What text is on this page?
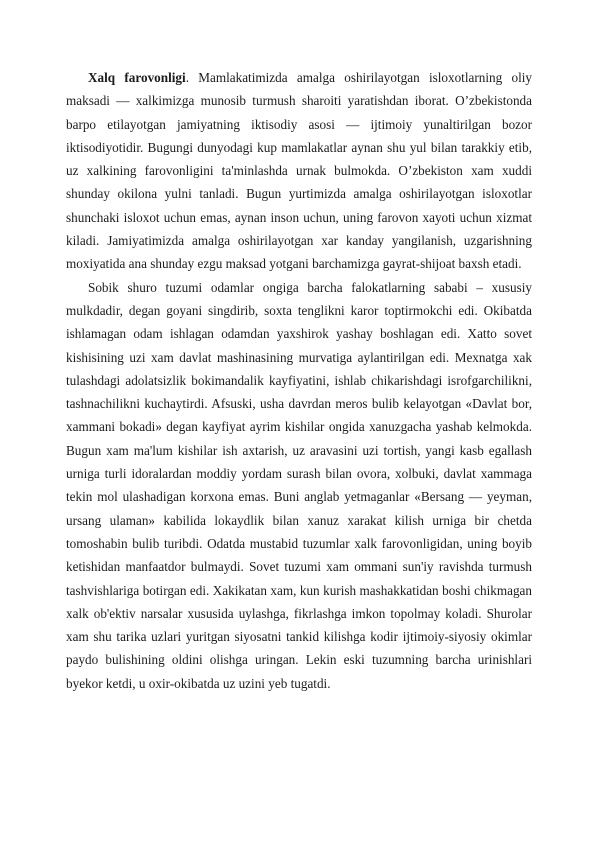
Xalq farovonligi. Mamlakatimizda amalga oshirilayotgan isloxotlarning oliy maksadi — xalkimizga munosib turmush sharoiti yaratishdan iborat. O’zbekistonda barpo etilayotgan jamiyatning iktisodiy asosi — ijtimoiy yunaltirilgan bozor iktisodiyotidir. Bugungi dunyodagi kup mamlakatlar aynan shu yul bilan tarakkiy etib, uz xalkining farovonligini ta'minlashda urnak bulmokda. O’zbekiston xam xuddi shunday okilona yulni tanladi. Bugun yurtimizda amalga oshirilayotgan isloxotlar shunchaki isloxot uchun emas, aynan inson uchun, uning farovon xayoti uchun xizmat kiladi. Jamiyatimizda amalga oshirilayotgan xar kanday yangilanish, uzgarishning moxiyatida ana shunday ezgu maksad yotgani barchamizga gayrat-shijoat baxsh etadi.

Sobik shuro tuzumi odamlar ongiga barcha falokatlarning sababi – xususiy mulkdadir, degan goyani singdirib, soxta tenglikni karor toptirmokchi edi. Okibatda ishlamagan odam ishlagan odamdan yaxshirok yashay boshlagan edi. Xatto sovet kishisining uzi xam davlat mashinasining murvatiga aylantirilgan edi. Mexnatga xak tulashdagi adolatsizlik bokimandalik kayfiyatini, ishlab chikarishdagi isrofgarchilikni, tashnachilikni kuchaytirdi. Afsuski, usha davrdan meros bulib kelayotgan «Davlat bor, xammani bokadi» degan kayfiyat ayrim kishilar ongida xanuzgacha yashab kelmokda. Bugun xam ma'lum kishilar ish axtarish, uz aravasini uzi tortish, yangi kasb egallash urniga turli idoralardan moddiy yordam surash bilan ovora, xolbuki, davlat xammaga tekin mol ulashadigan korxona emas. Buni anglab yetmaganlar «Bersang — yeyman, ursang ulaman» kabilida lokaydlik bilan xanuz xarakat kilish urniga bir chetda tomoshabin bulib turibdi. Odatda mustabid tuzumlar xalk farovonligidan, uning boyib ketishidan manfaatdor bulmaydi. Sovet tuzumi xam ommani sun'iy ravishda turmush tashvishlariga botirgan edi. Xakikatan xam, kun kurish mashakkatidan boshi chikmagan xalk ob'ektiv narsalar xususida uylashga, fikrlashga imkon topolmay koladi. Shurolar xam shu tarika uzlari yuritgan siyosatni tankid kilishga kodir ijtimoiy-siyosiy okimlar paydo bulishining oldini olishga uringan. Lekin eski tuzumning barcha urinishlari byekor ketdi, u oxir-okibatda uz uzini yeb tugatdi.
